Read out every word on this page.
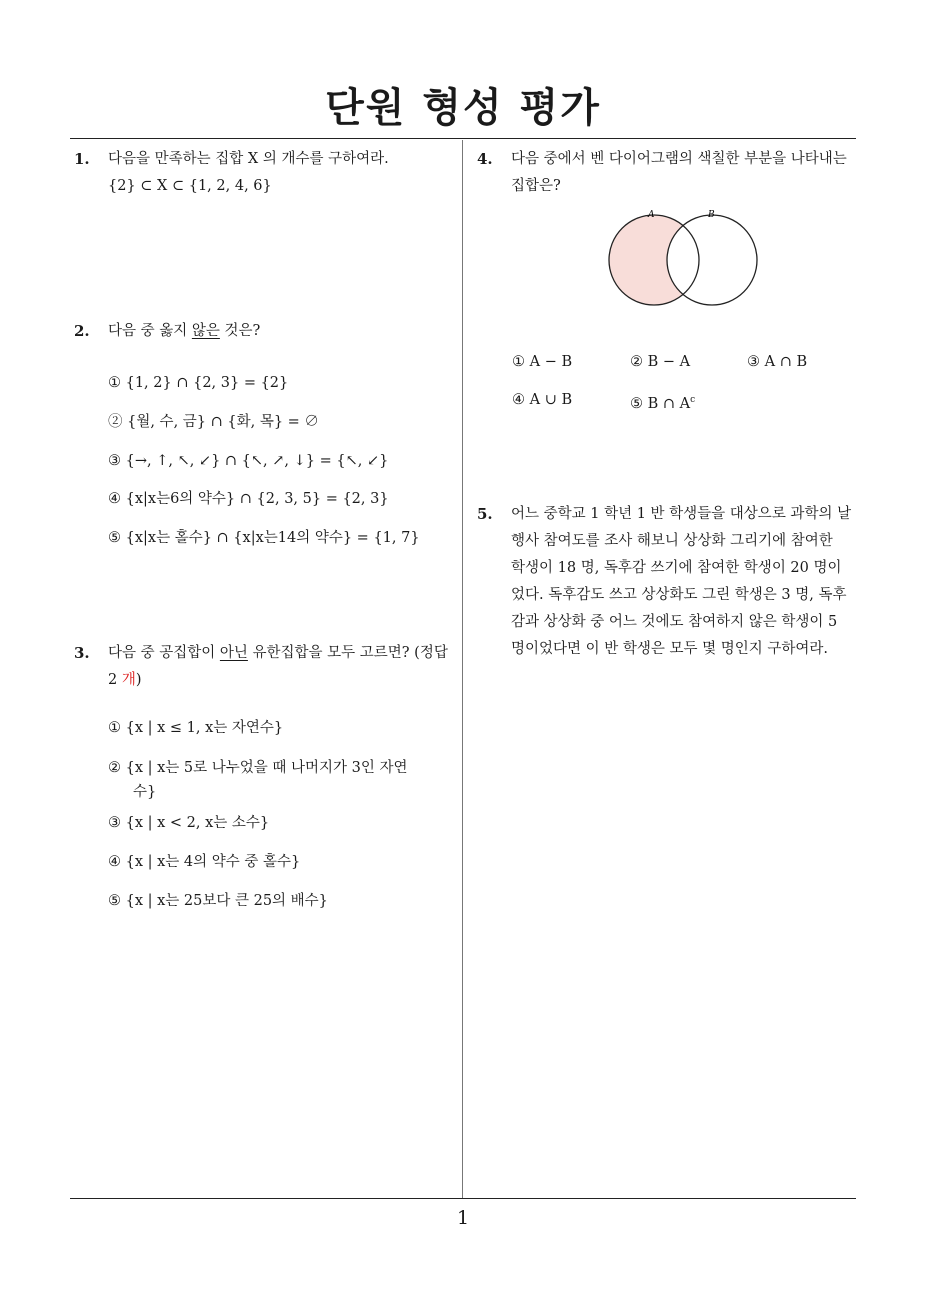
단원 형성 평가
1. 다음을 만족하는 집합 X 의 개수를 구하여라.
{2} ⊂ X ⊂ {1, 2, 4, 6}
2. 다음 중 옳지 않은 것은?
① {1, 2} ∩ {2, 3} = {2}
② {월, 수, 금} ∩ {화, 목} = ∅
③ {→, ↑, ↖, ↙} ∩ {↖, ↗, ↓} = {↖, ↙}
④ {x|x는6의 약수} ∩ {2, 3, 5} = {2, 3}
⑤ {x|x는 홀수} ∩ {x|x는14의 약수} = {1, 7}
3. 다음 중 공집합이 아닌 유한집합을 모두 고르면? (정답
2 개)
① {x | x ≤ 1, x는 자연수}
② {x | x는 5로 나누었을 때 나머지가 3인 자연
수}
③ {x | x < 2, x는 소수}
④ {x | x는 4의 약수 중 홀수}
⑤ {x | x는 25보다 큰 25의 배수}
4. 다음 중에서 벤 다이어그램의 색칠한 부분을 나타내는
집합은?
A	B
① A − B	② B − A	③ A ∩ B
④ A ∪ B	⑤ B ∩ $A^c$
5. 어느 중학교 1 학년 1 반 학생들을 대상으로 과학의 날
행사 참여도를 조사 해보니 상상화 그리기에 참여한
학생이 18 명, 독후감 쓰기에 참여한 학생이 20 명이
었다. 독후감도 쓰고 상상화도 그린 학생은 3 명, 독후
감과 상상화 중 어느 것에도 참여하지 않은 학생이 5
명이었다면 이 반 학생은 모두 몇 명인지 구하여라.
1
